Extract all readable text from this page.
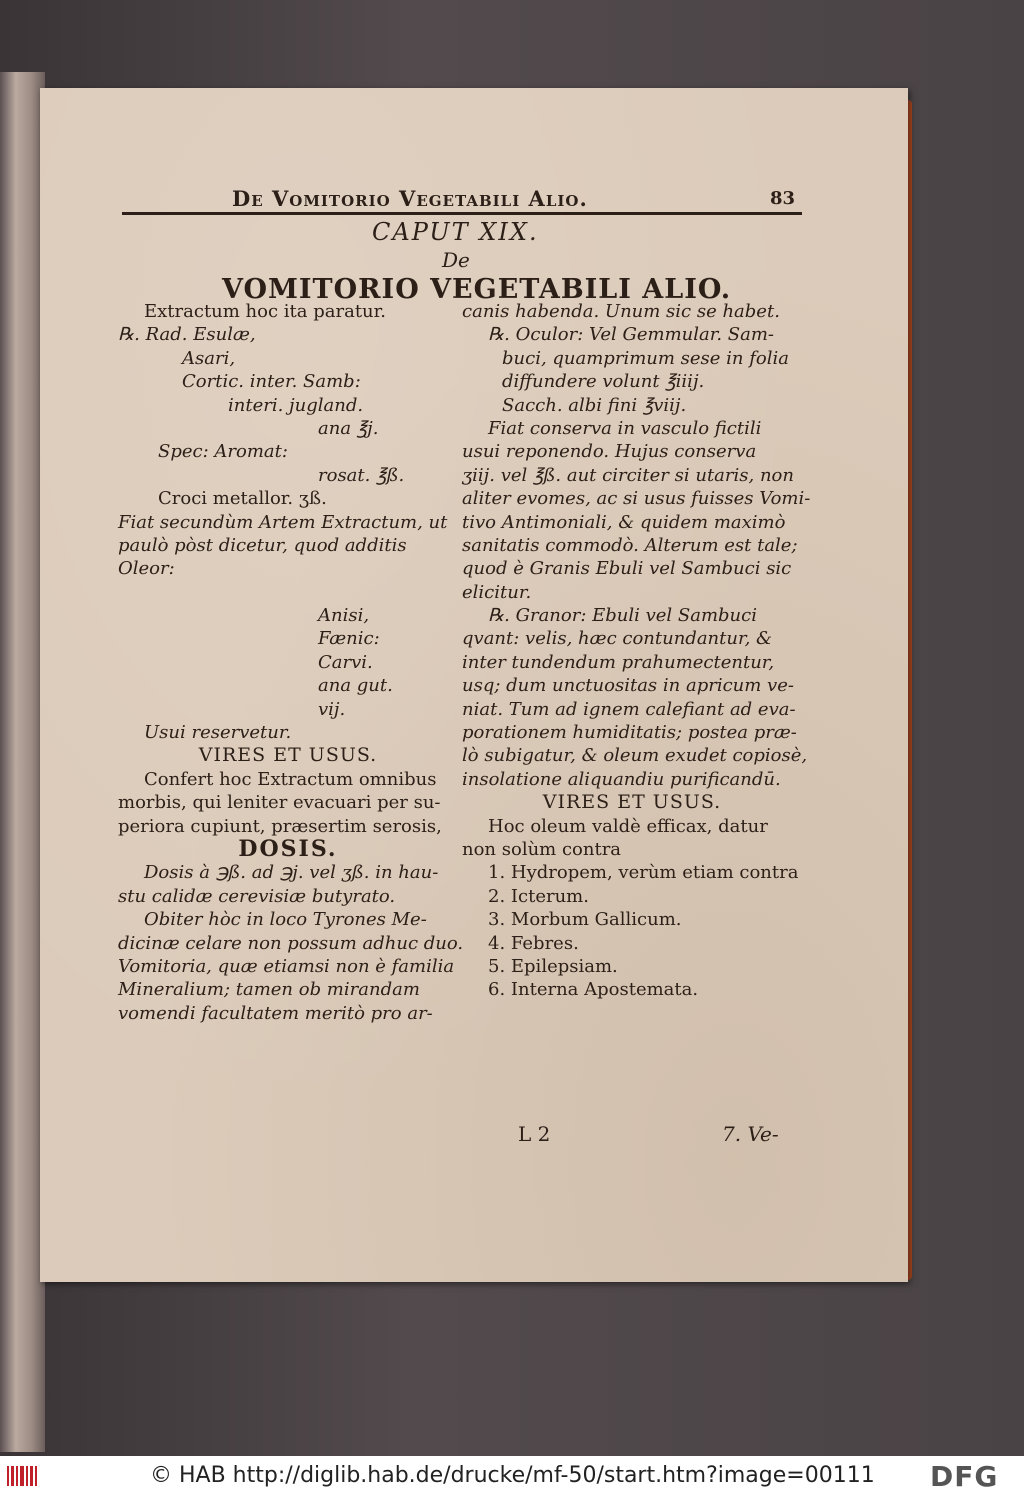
De Vomitorio Vegetabili Alio.	83
CAPUT XIX.
De
VOMITORIO VEGETABILI ALIO.
Extractum hoc ita paratur.
℞. Rad. Esulæ,
Asari,
Cortic. inter. Samb:
interi. jugland.
ana ℥j.
Spec: Aromat:
rosat. ℥ß.
Croci metallor. ʒß.
Fiat secundùm Artem Extractum, ut
paulò pòst dicetur, quod additis
Oleor:
Anisi,
Fænic:
Carvi.
ana gut.
vij.
Usui reservetur.
VIRES ET USUS.
Confert hoc Extractum omnibus
morbis, qui leniter evacuari per su-
periora cupiunt, præsertim serosis,
DOSIS.
Dosis à ℈ß. ad ℈j. vel ʒß. in hau-
stu calidæ cerevisiæ butyrato.
Obiter hòc in loco Tyrones Me-
dicinæ celare non possum adhuc duo.
Vomitoria, quæ etiamsi non è familia
Mineralium; tamen ob mirandam
vomendi facultatem meritò pro ar-
canis habenda. Unum sic se habet.
℞. Oculor: Vel Gemmular. Sam-
buci, quamprimum sese in folia
diffundere volunt ℥iiij.
Sacch. albi fini ℥viij.
Fiat conserva in vasculo fictili
usui reponendo. Hujus conserva
ʒiij. vel ℥ß. aut circiter si utaris, non
aliter evomes, ac si usus fuisses Vomi-
tivo Antimoniali, & quidem maximò
sanitatis commodò. Alterum est tale;
quod è Granis Ebuli vel Sambuci sic
elicitur.
℞. Granor: Ebuli vel Sambuci
qvant: velis, hæc contundantur, &
inter tundendum prahumectentur,
usq; dum unctuositas in apricum ve-
niat. Tum ad ignem calefiant ad eva-
porationem humiditatis; postea præ-
lò subigatur, & oleum exudet copiosè,
insolatione aliquandiu purificandū.
VIRES ET USUS.
Hoc oleum valdè efficax, datur
non solùm contra
1. Hydropem, verùm etiam contra
2. Icterum.
3. Morbum Gallicum.
4. Febres.
5. Epilepsiam.
6. Interna Apostemata.
L 2	7. Ve-
© HAB http://diglib.hab.de/drucke/mf-50/start.htm?image=00111 DFG
